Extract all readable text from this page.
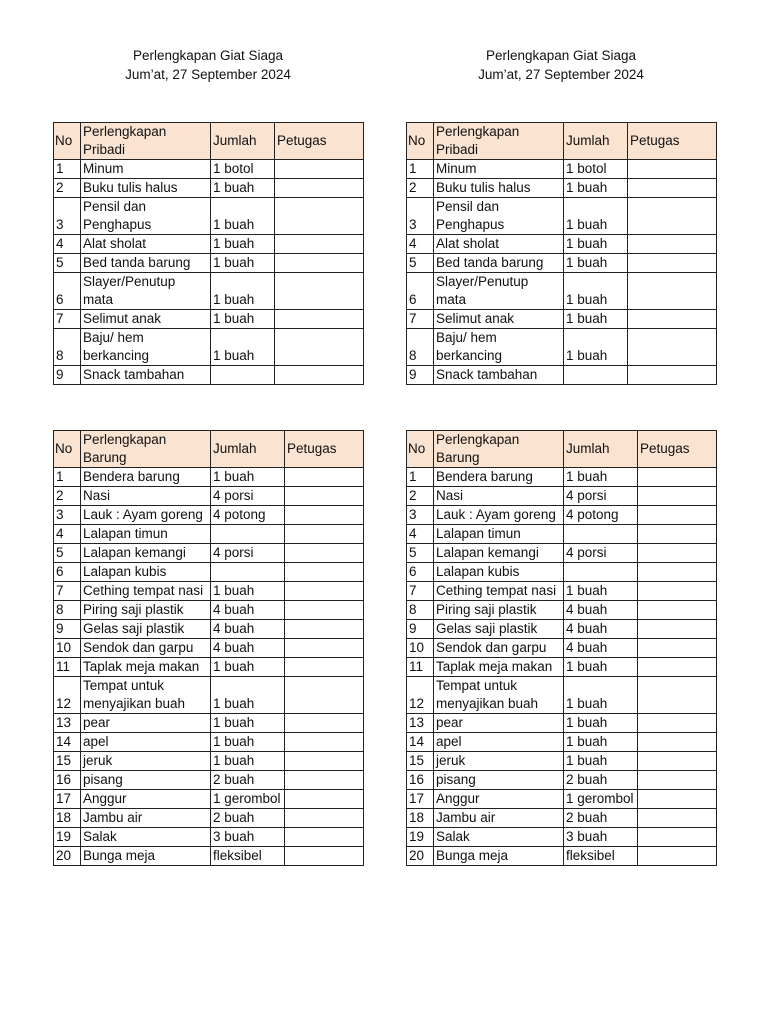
Perlengkapan Giat Siaga
Jum’at, 27 September 2024
No	Perlengkapan Pribadi	Jumlah	Petugas
1	Minum	1 botol	
2	Buku tulis halus	1 buah	
3	Pensil dan Penghapus	1 buah	
4	Alat sholat	1 buah	
5	Bed tanda barung	1 buah	
6	Slayer/Penutup mata	1 buah	
7	Selimut anak	1 buah	
8	Baju/ hem berkancing	1 buah	
9	Snack tambahan		
No	Perlengkapan Barung	Jumlah	Petugas
1	Bendera barung	1 buah	
2	Nasi	4 porsi	
3	Lauk : Ayam goreng	4 potong	
4	Lalapan timun		
5	Lalapan kemangi	4 porsi	
6	Lalapan kubis		
7	Cething tempat nasi	1 buah	
8	Piring saji plastik	4 buah	
9	Gelas saji plastik	4 buah	
10	Sendok dan garpu	4 buah	
11	Taplak meja makan	1 buah	
12	Tempat untuk menyajikan buah	1 buah	
13	pear	1 buah	
14	apel	1 buah	
15	jeruk	1 buah	
16	pisang	2 buah	
17	Anggur	1 gerombol	
18	Jambu air	2 buah	
19	Salak	3 buah	
20	Bunga meja	fleksibel	
Perlengkapan Giat Siaga
Jum’at, 27 September 2024
No	Perlengkapan Pribadi	Jumlah	Petugas
1	Minum	1 botol	
2	Buku tulis halus	1 buah	
3	Pensil dan Penghapus	1 buah	
4	Alat sholat	1 buah	
5	Bed tanda barung	1 buah	
6	Slayer/Penutup mata	1 buah	
7	Selimut anak	1 buah	
8	Baju/ hem berkancing	1 buah	
9	Snack tambahan		
No	Perlengkapan Barung	Jumlah	Petugas
1	Bendera barung	1 buah	
2	Nasi	4 porsi	
3	Lauk : Ayam goreng	4 potong	
4	Lalapan timun		
5	Lalapan kemangi	4 porsi	
6	Lalapan kubis		
7	Cething tempat nasi	1 buah	
8	Piring saji plastik	4 buah	
9	Gelas saji plastik	4 buah	
10	Sendok dan garpu	4 buah	
11	Taplak meja makan	1 buah	
12	Tempat untuk menyajikan buah	1 buah	
13	pear	1 buah	
14	apel	1 buah	
15	jeruk	1 buah	
16	pisang	2 buah	
17	Anggur	1 gerombol	
18	Jambu air	2 buah	
19	Salak	3 buah	
20	Bunga meja	fleksibel	
